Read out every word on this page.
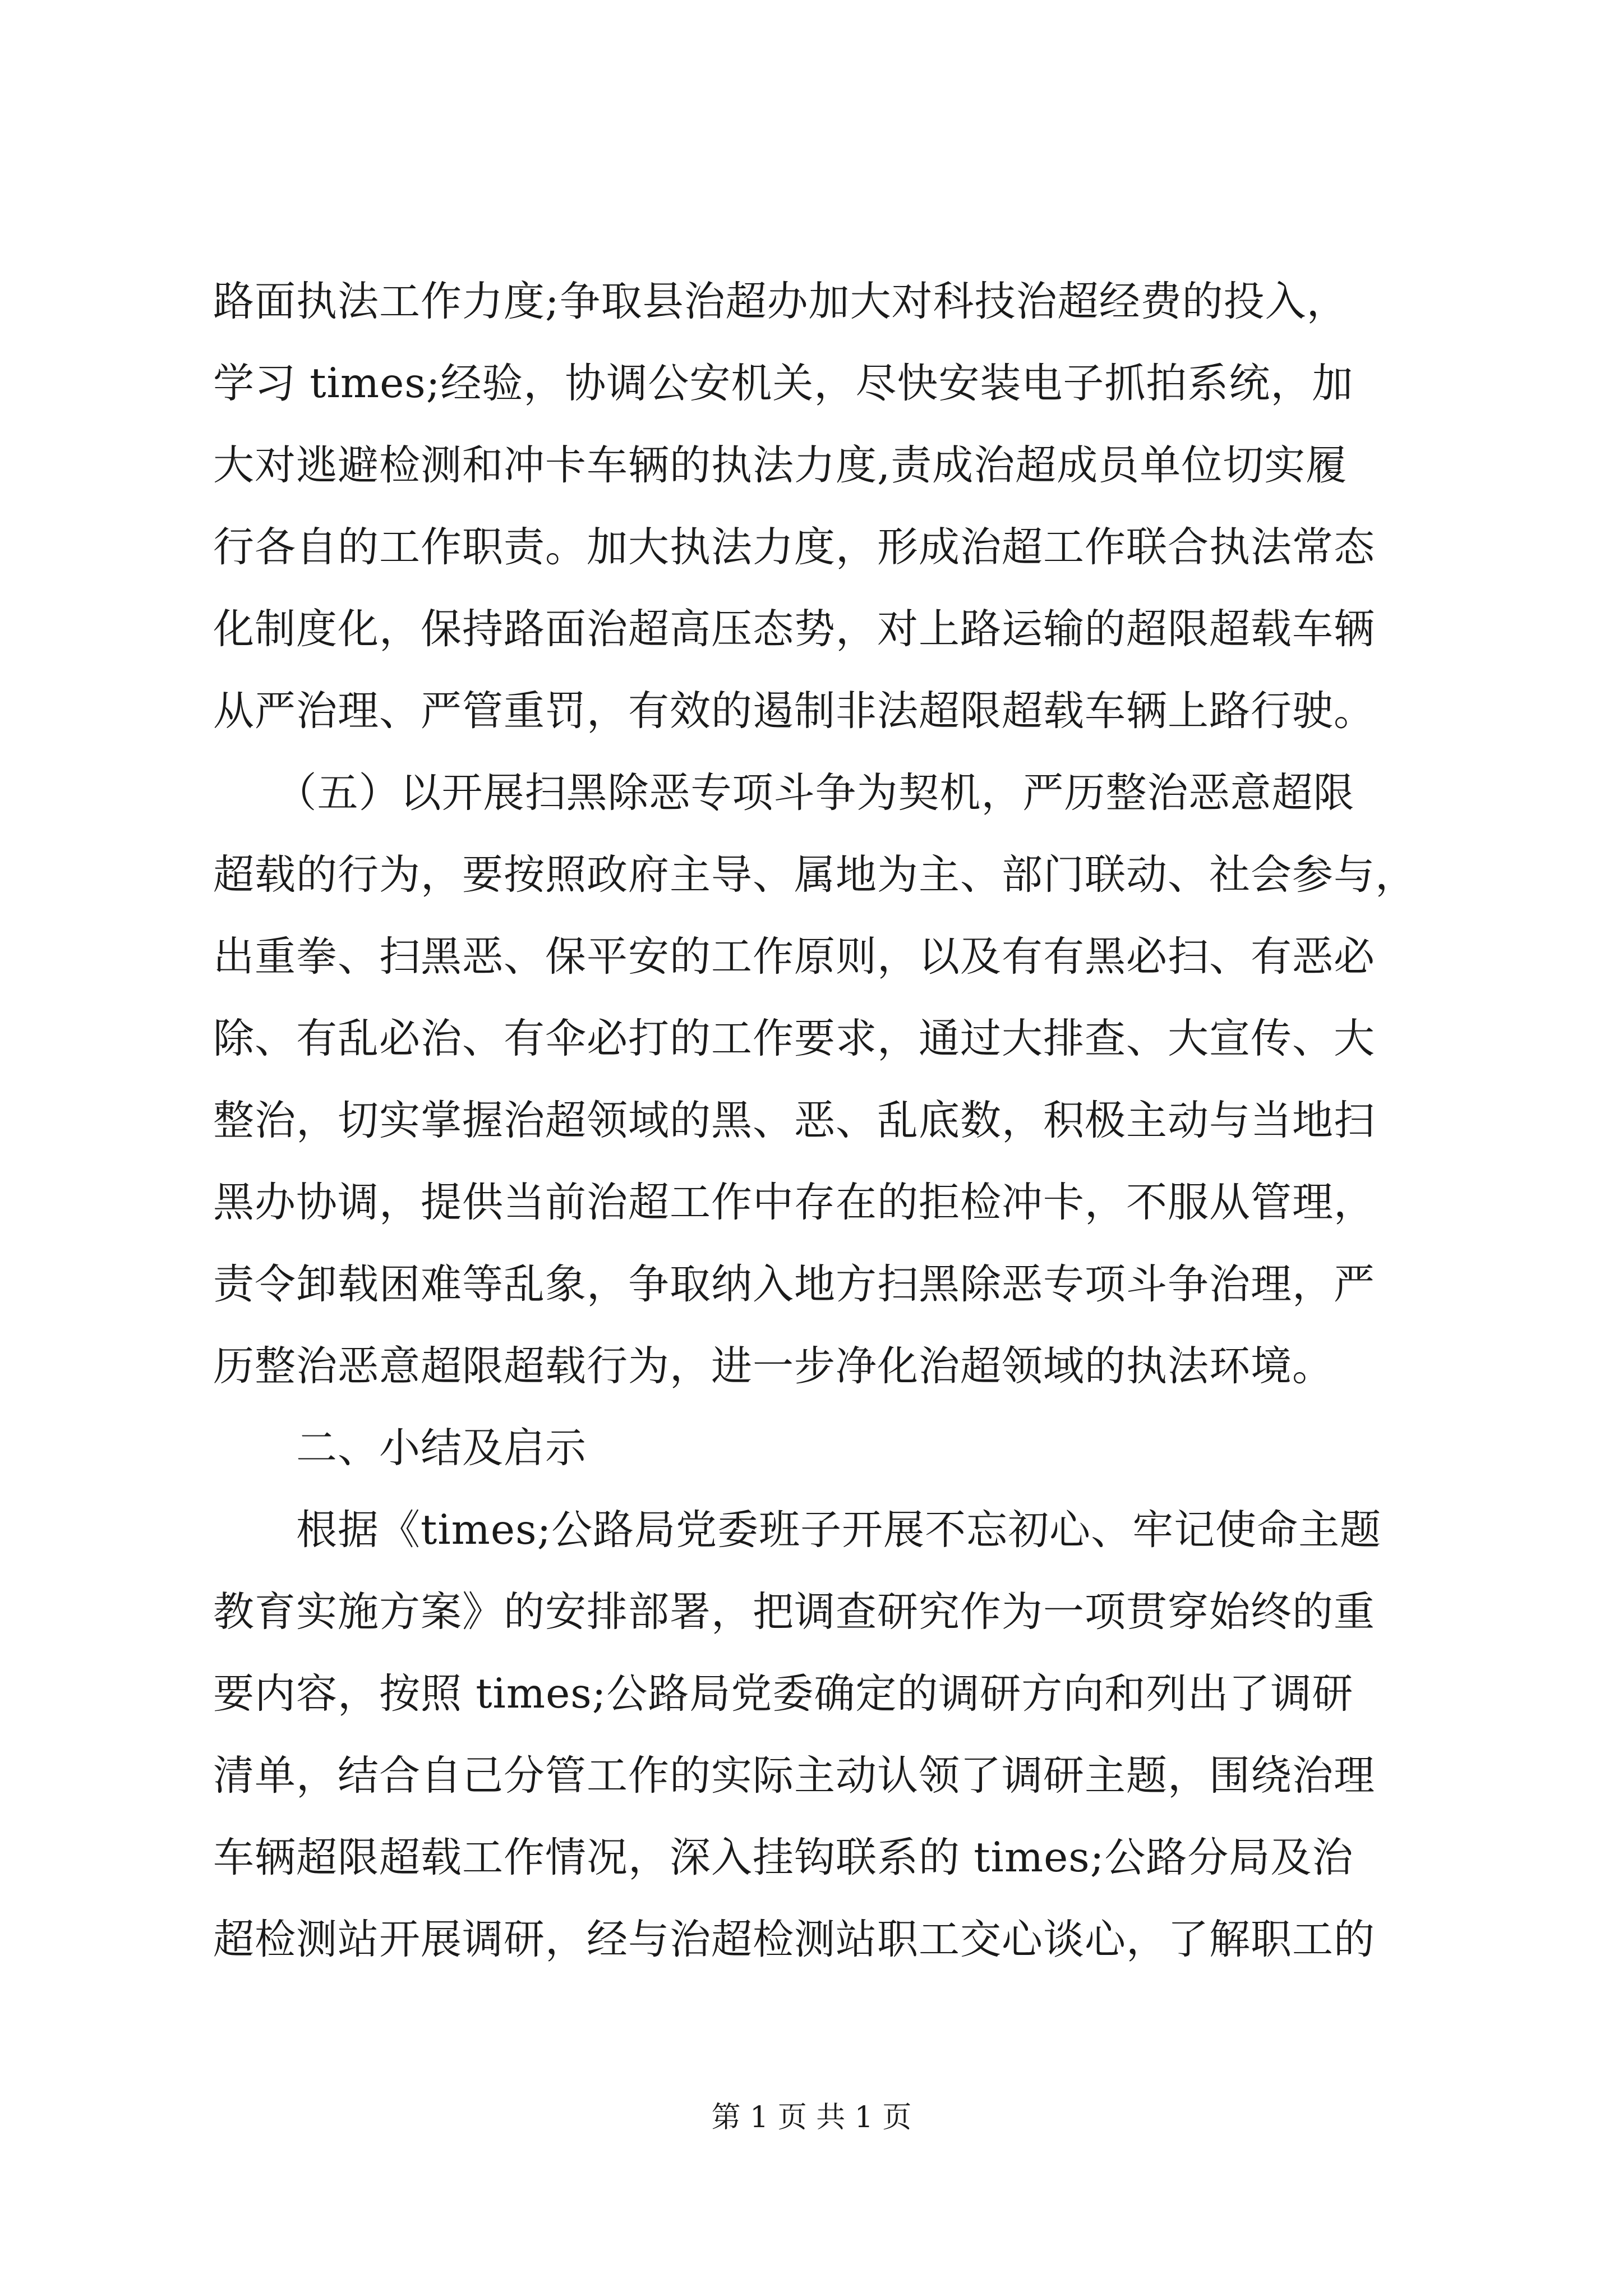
路面执法工作力度;争取县治超办加大对科技治超经费的投入，

学习 times;经验，协调公安机关，尽快安装电子抓拍系统，加

大对逃避检测和冲卡车辆的执法力度,责成治超成员单位切实履

行各自的工作职责。加大执法力度，形成治超工作联合执法常态

化制度化，保持路面治超高压态势，对上路运输的超限超载车辆

从严治理、严管重罚，有效的遏制非法超限超载车辆上路行驶。

　　（五）以开展扫黑除恶专项斗争为契机，严历整治恶意超限

超载的行为，要按照政府主导、属地为主、部门联动、社会参与，

出重拳、扫黑恶、保平安的工作原则，以及有有黑必扫、有恶必

除、有乱必治、有伞必打的工作要求，通过大排查、大宣传、大

整治，切实掌握治超领域的黑、恶、乱底数，积极主动与当地扫

黑办协调，提供当前治超工作中存在的拒检冲卡，不服从管理，

责令卸载困难等乱象，争取纳入地方扫黑除恶专项斗争治理，严

历整治恶意超限超载行为，进一步净化治超领域的执法环境。

　　二、小结及启示

　　根据《times;公路局党委班子开展不忘初心、牢记使命主题

教育实施方案》的安排部署，把调查研究作为一项贯穿始终的重

要内容，按照 times;公路局党委确定的调研方向和列出了调研

清单，结合自己分管工作的实际主动认领了调研主题，围绕治理

车辆超限超载工作情况，深入挂钩联系的 times;公路分局及治

超检测站开展调研，经与治超检测站职工交心谈心，了解职工的

第 1 页 共 1 页
